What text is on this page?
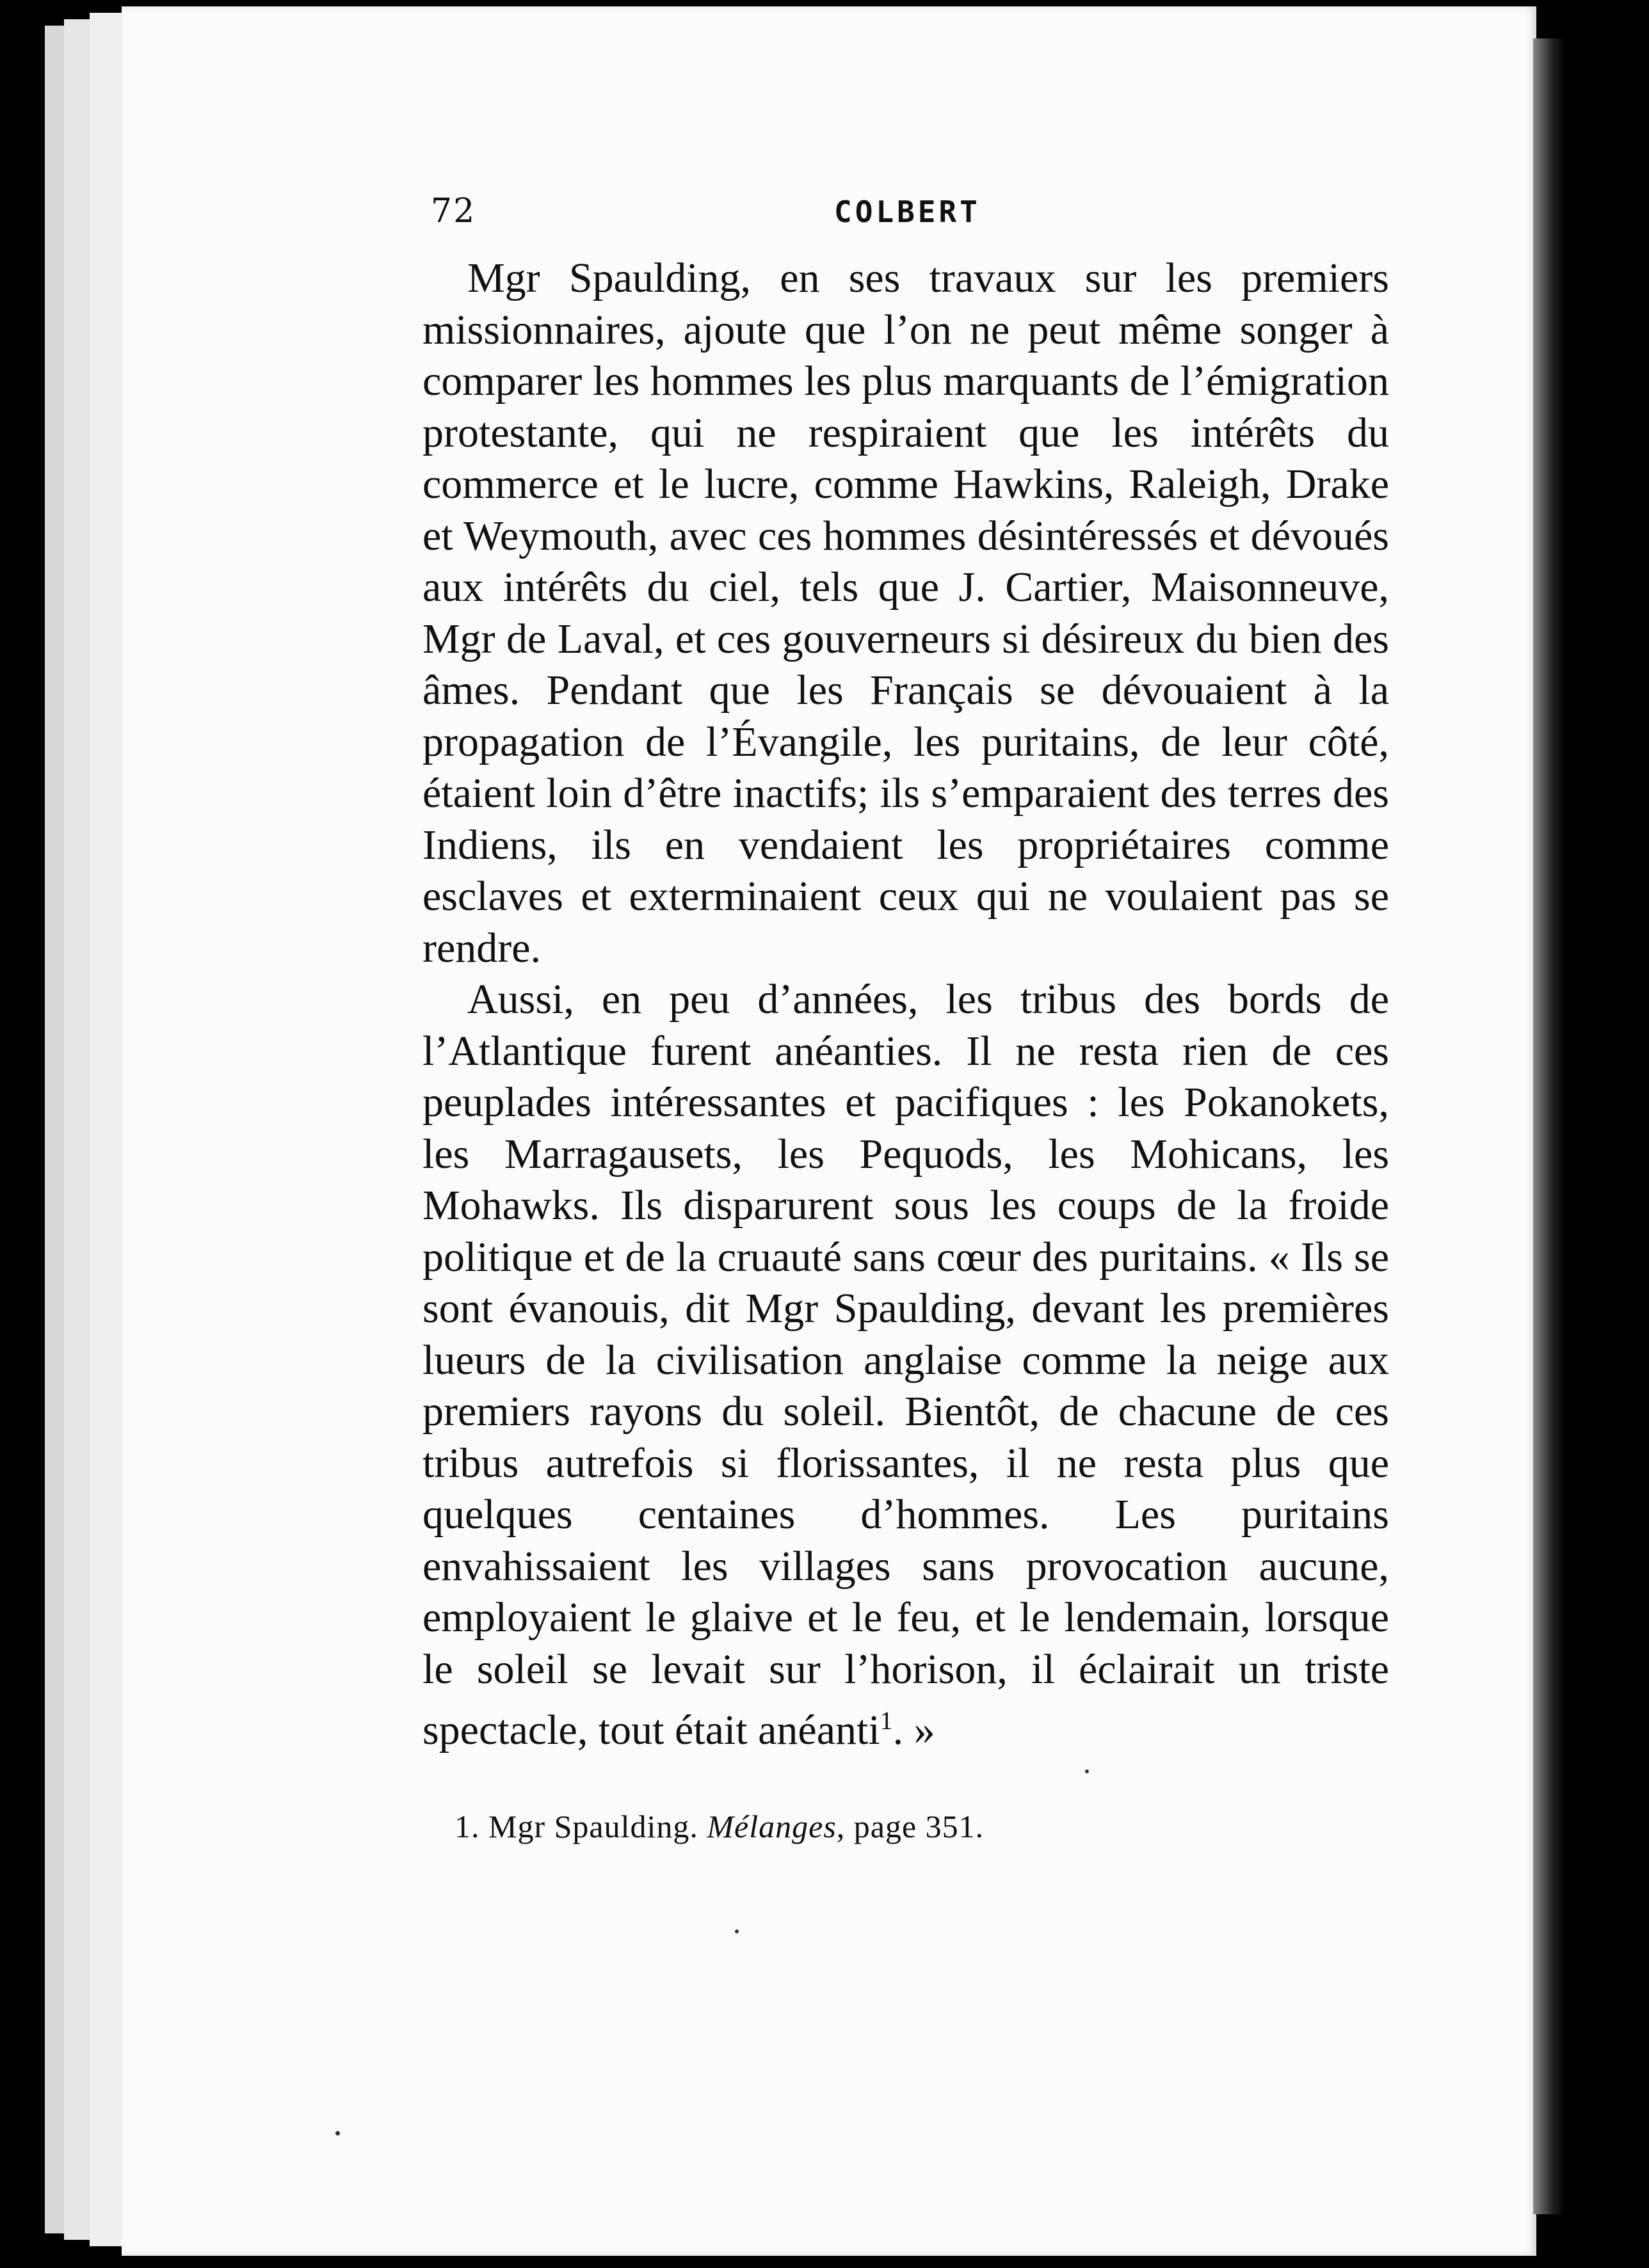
72	COLBERT

Mgr Spaulding, en ses travaux sur les premiers missionnaires, ajoute que l’on ne peut même songer à comparer les hommes les plus marquants de l’émigration protestante, qui ne respiraient que les intérêts du commerce et le lucre, comme Hawkins, Raleigh, Drake et Weymouth, avec ces hommes désintéressés et dévoués aux intérêts du ciel, tels que J. Cartier, Maisonneuve, Mgr de Laval, et ces gouverneurs si désireux du bien des âmes. Pendant que les Français se dévouaient à la propagation de l’Évangile, les puritains, de leur côté, étaient loin d’être inactifs; ils s’emparaient des terres des Indiens, ils en vendaient les propriétaires comme esclaves et exterminaient ceux qui ne voulaient pas se rendre.

Aussi, en peu d’années, les tribus des bords de l’Atlantique furent anéanties. Il ne resta rien de ces peuplades intéressantes et pacifiques : les Pokanokets, les Marragausets, les Pequods, les Mohicans, les Mohawks. Ils disparurent sous les coups de la froide politique et de la cruauté sans cœur des puritains. « Ils se sont évanouis, dit Mgr Spaulding, devant les premières lueurs de la civilisation anglaise comme la neige aux premiers rayons du soleil. Bientôt, de chacune de ces tribus autrefois si florissantes, il ne resta plus que quelques centaines d’hommes. Les puritains envahissaient les villages sans provocation aucune, employaient le glaive et le feu, et le lendemain, lorsque le soleil se levait sur l’horison, il éclairait un triste spectacle, tout était anéanti$^1$. »

1. Mgr Spaulding. Mélanges, page 351.
